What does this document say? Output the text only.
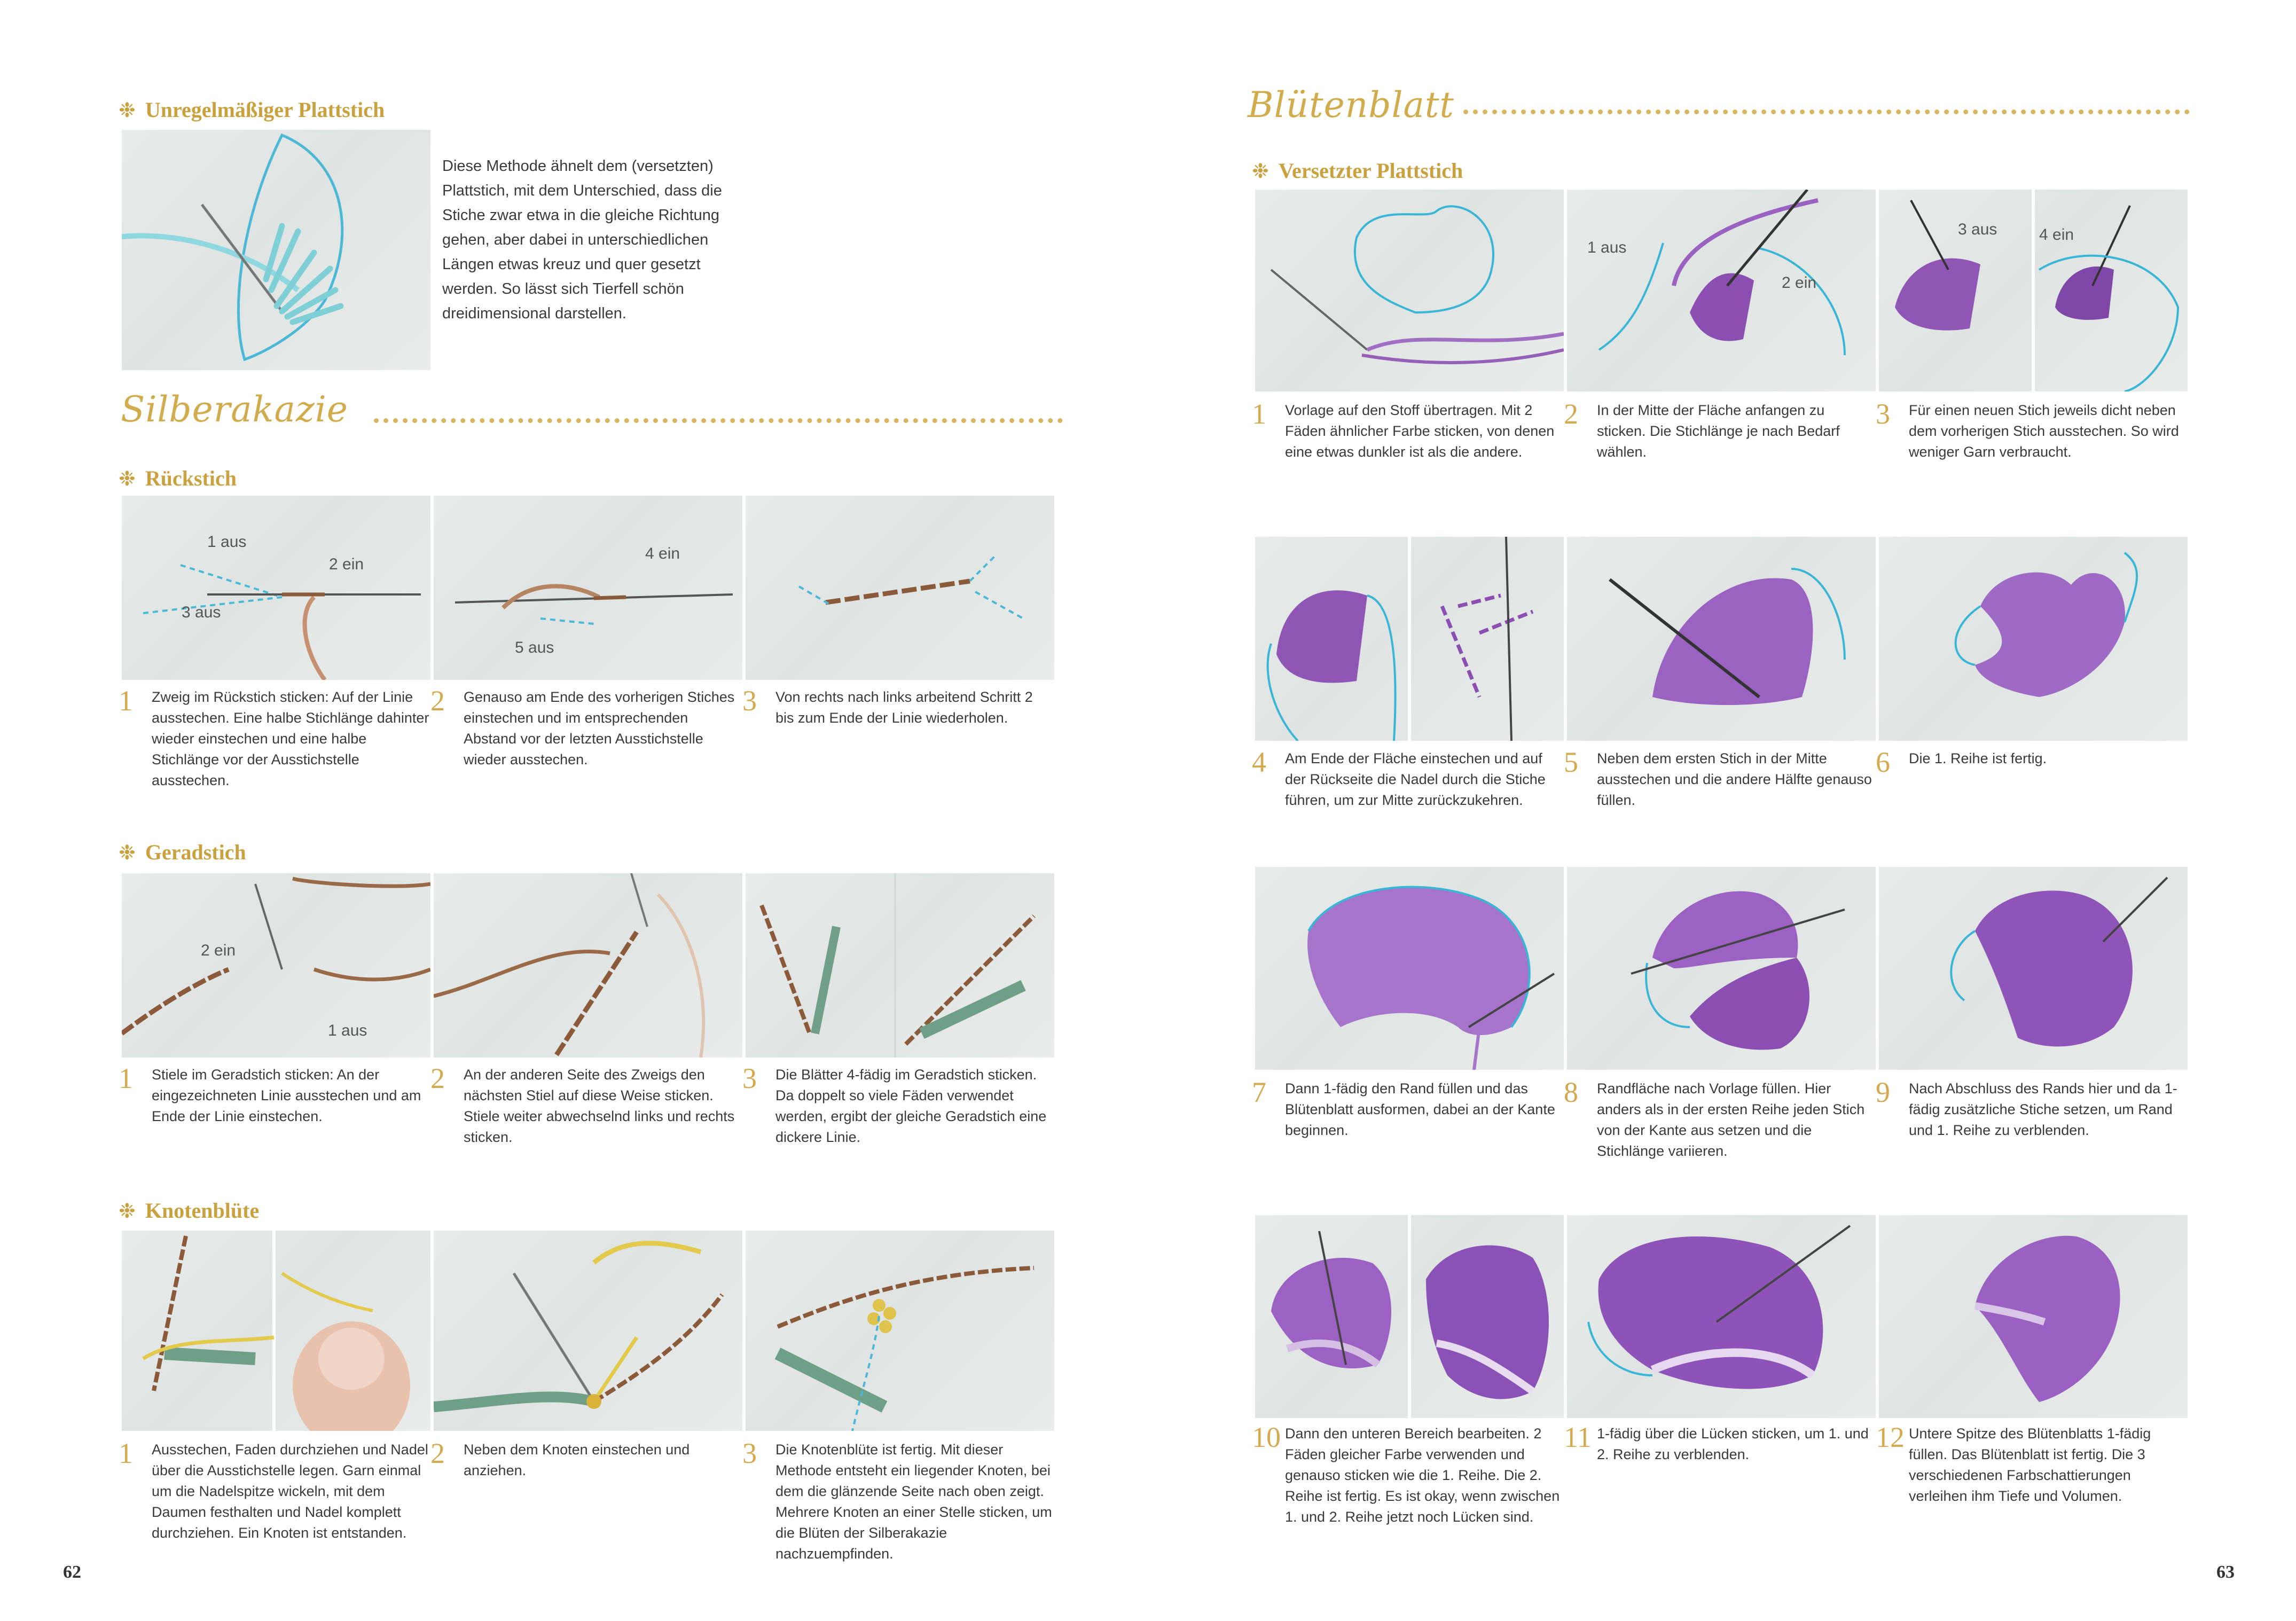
❉ Unregelmäßiger Plattstich
Diese Methode ähnelt dem (versetzten) Plattstich, mit dem Unterschied, dass die Stiche zwar etwa in die gleiche Richtung gehen, aber dabei in unterschiedlichen Längen etwas kreuz und quer gesetzt werden. So lässt sich Tierfell schön dreidimensional darstellen.
Silberakazie
❉ Rückstich
1 aus
2 ein
3 aus
4 ein
5 aus
1 Zweig im Rückstich sticken: Auf der Linie ausstechen. Eine halbe Stichlänge dahinter wieder einstechen und eine halbe Stichlänge vor der Ausstichstelle ausstechen.
2 Genauso am Ende des vorherigen Stiches einstechen und im entsprechenden Abstand vor der letzten Ausstichstelle wieder ausstechen.
3 Von rechts nach links arbeitend Schritt 2 bis zum Ende der Linie wiederholen.
❉ Geradstich
2 ein
1 aus
1 Stiele im Geradstich sticken: An der eingezeichneten Linie ausstechen und am Ende der Linie einstechen.
2 An der anderen Seite des Zweigs den nächsten Stiel auf diese Weise sticken. Stiele weiter abwechselnd links und rechts sticken.
3 Die Blätter 4-fädig im Geradstich sticken. Da doppelt so viele Fäden verwendet werden, ergibt der gleiche Geradstich eine dickere Linie.
❉ Knotenblüte
1 Ausstechen, Faden durchziehen und Nadel über die Ausstichstelle legen. Garn einmal um die Nadelspitze wickeln, mit dem Daumen festhalten und Nadel komplett durchziehen. Ein Knoten ist entstanden.
2 Neben dem Knoten einstechen und anziehen.
3 Die Knotenblüte ist fertig. Mit dieser Methode entsteht ein liegender Knoten, bei dem die glänzende Seite nach oben zeigt. Mehrere Knoten an einer Stelle sticken, um die Blüten der Silberakazie nachzuempfinden.
62
Blütenblatt
❉ Versetzter Plattstich
1 aus
2 ein
3 aus	4 ein
1 Vorlage auf den Stoff übertragen. Mit 2 Fäden ähnlicher Farbe sticken, von denen eine etwas dunkler ist als die andere.
2 In der Mitte der Fläche anfangen zu sticken. Die Stichlänge je nach Bedarf wählen.
3 Für einen neuen Stich jeweils dicht neben dem vorherigen Stich ausstechen. So wird weniger Garn verbraucht.
4 Am Ende der Fläche einstechen und auf der Rückseite die Nadel durch die Stiche führen, um zur Mitte zurückzukehren.
5 Neben dem ersten Stich in der Mitte ausstechen und die andere Hälfte genauso füllen.
6 Die 1. Reihe ist fertig.
7 Dann 1-fädig den Rand füllen und das Blütenblatt ausformen, dabei an der Kante beginnen.
8 Randfläche nach Vorlage füllen. Hier anders als in der ersten Reihe jeden Stich von der Kante aus setzen und die Stichlänge variieren.
9 Nach Abschluss des Rands hier und da 1-fädig zusätzliche Stiche setzen, um Rand und 1. Reihe zu verblenden.
10 Dann den unteren Bereich bearbeiten. 2 Fäden gleicher Farbe verwenden und genauso sticken wie die 1. Reihe. Die 2. Reihe ist fertig. Es ist okay, wenn zwischen 1. und 2. Reihe jetzt noch Lücken sind.
11 1-fädig über die Lücken sticken, um 1. und 2. Reihe zu verblenden.
12 Untere Spitze des Blütenblatts 1-fädig füllen. Das Blütenblatt ist fertig. Die 3 verschiedenen Farbschattierungen verleihen ihm Tiefe und Volumen.
63
